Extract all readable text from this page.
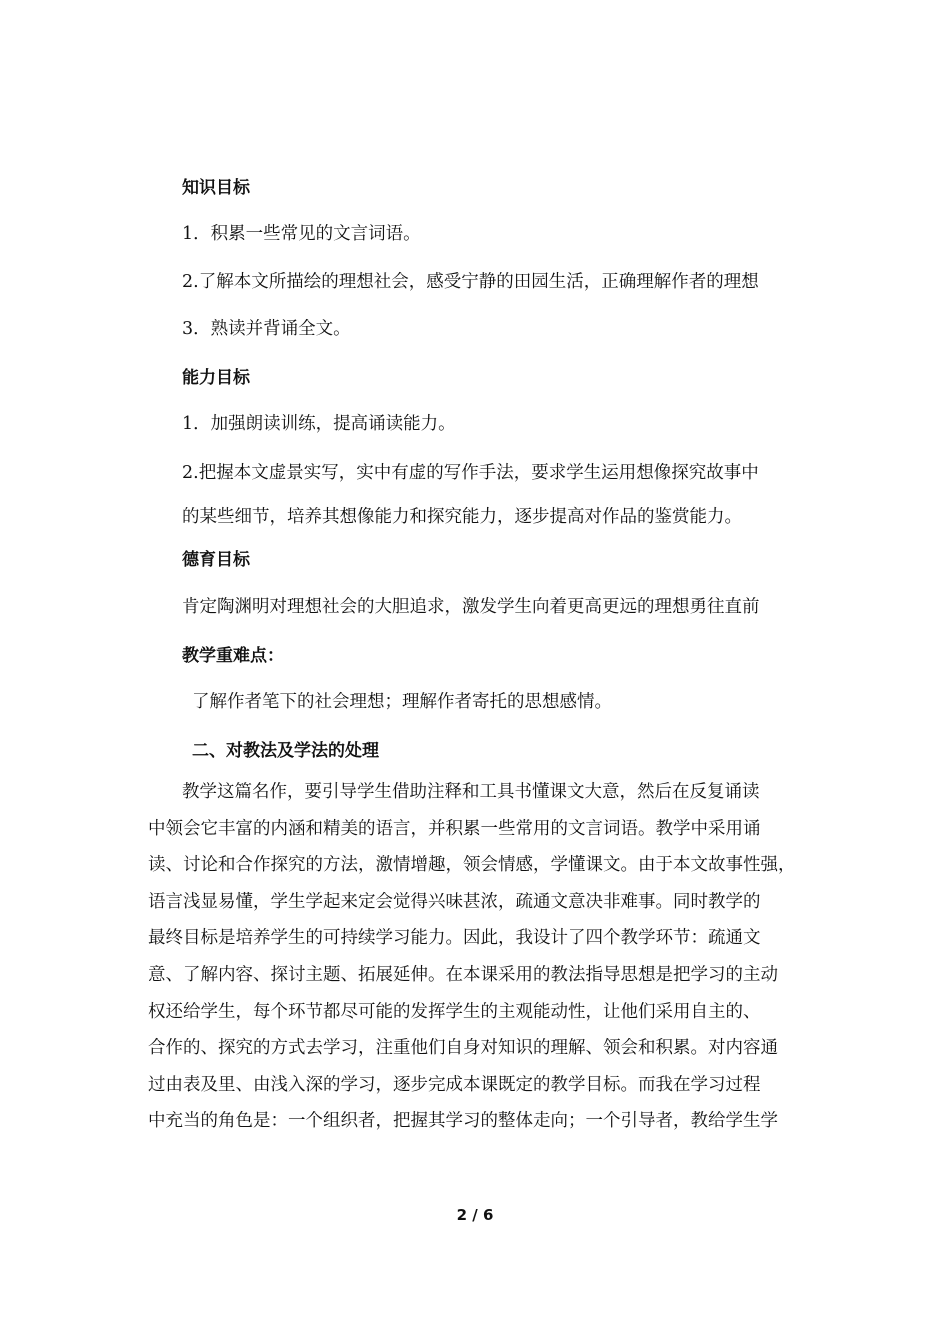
知识目标
1．积累一些常见的文言词语。
2.了解本文所描绘的理想社会，感受宁静的田园生活，正确理解作者的理想
3．熟读并背诵全文。
能力目标
1．加强朗读训练，提高诵读能力。
2.把握本文虚景实写，实中有虚的写作手法，要求学生运用想像探究故事中
的某些细节，培养其想像能力和探究能力，逐步提高对作品的鉴赏能力。
德育目标
肯定陶渊明对理想社会的大胆追求，激发学生向着更高更远的理想勇往直前
教学重难点：
了解作者笔下的社会理想；理解作者寄托的思想感情。
二、对教法及学法的处理
教学这篇名作，要引导学生借助注释和工具书懂课文大意，然后在反复诵读
中领会它丰富的内涵和精美的语言，并积累一些常用的文言词语。教学中采用诵
读、讨论和合作探究的方法，激情增趣，领会情感，学懂课文。由于本文故事性强，
语言浅显易懂，学生学起来定会觉得兴味甚浓，疏通文意决非难事。同时教学的
最终目标是培养学生的可持续学习能力。因此，我设计了四个教学环节：疏通文
意、了解内容、探讨主题、拓展延伸。在本课采用的教法指导思想是把学习的主动
权还给学生，每个环节都尽可能的发挥学生的主观能动性，让他们采用自主的、
合作的、探究的方式去学习，注重他们自身对知识的理解、领会和积累。对内容通
过由表及里、由浅入深的学习，逐步完成本课既定的教学目标。而我在学习过程
中充当的角色是：一个组织者，把握其学习的整体走向；一个引导者，教给学生学
2 / 6
